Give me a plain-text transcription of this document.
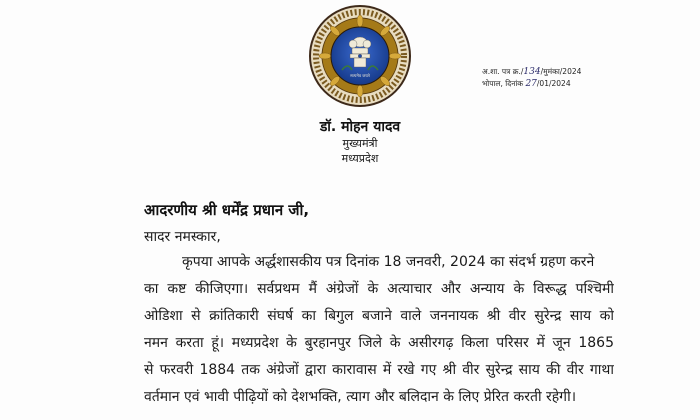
सत्यमेव जयते	अ.शा. पत्र क्र./134/मुमंका/2024
भोपाल, दिनांक 27/01/2024
डॉ. मोहन यादव
मुख्यमंत्री
मध्यप्रदेश
आदरणीय श्री धर्मेंद्र प्रधान जी,
सादर नमस्कार,
कृपया आपके अर्द्धशासकीय पत्र दिनांक 18 जनवरी, 2024 का संदर्भ ग्रहण करने
का कष्ट कीजिएगा। सर्वप्रथम मैं अंग्रेजों के अत्याचार और अन्याय के विरूद्ध पश्चिमी
ओडिशा से क्रांतिकारी संघर्ष का बिगुल बजाने वाले जननायक श्री वीर सुरेन्द्र साय को
नमन करता हूं। मध्यप्रदेश के बुरहानपुर जिले के असीरगढ़ किला परिसर में जून 1865
से फरवरी 1884 तक अंग्रेजों द्वारा कारावास में रखे गए श्री वीर सुरेन्द्र साय की वीर गाथा
वर्तमान एवं भावी पीढ़ियों को देशभक्ति, त्याग और बलिदान के लिए प्रेरित करती रहेगी।
